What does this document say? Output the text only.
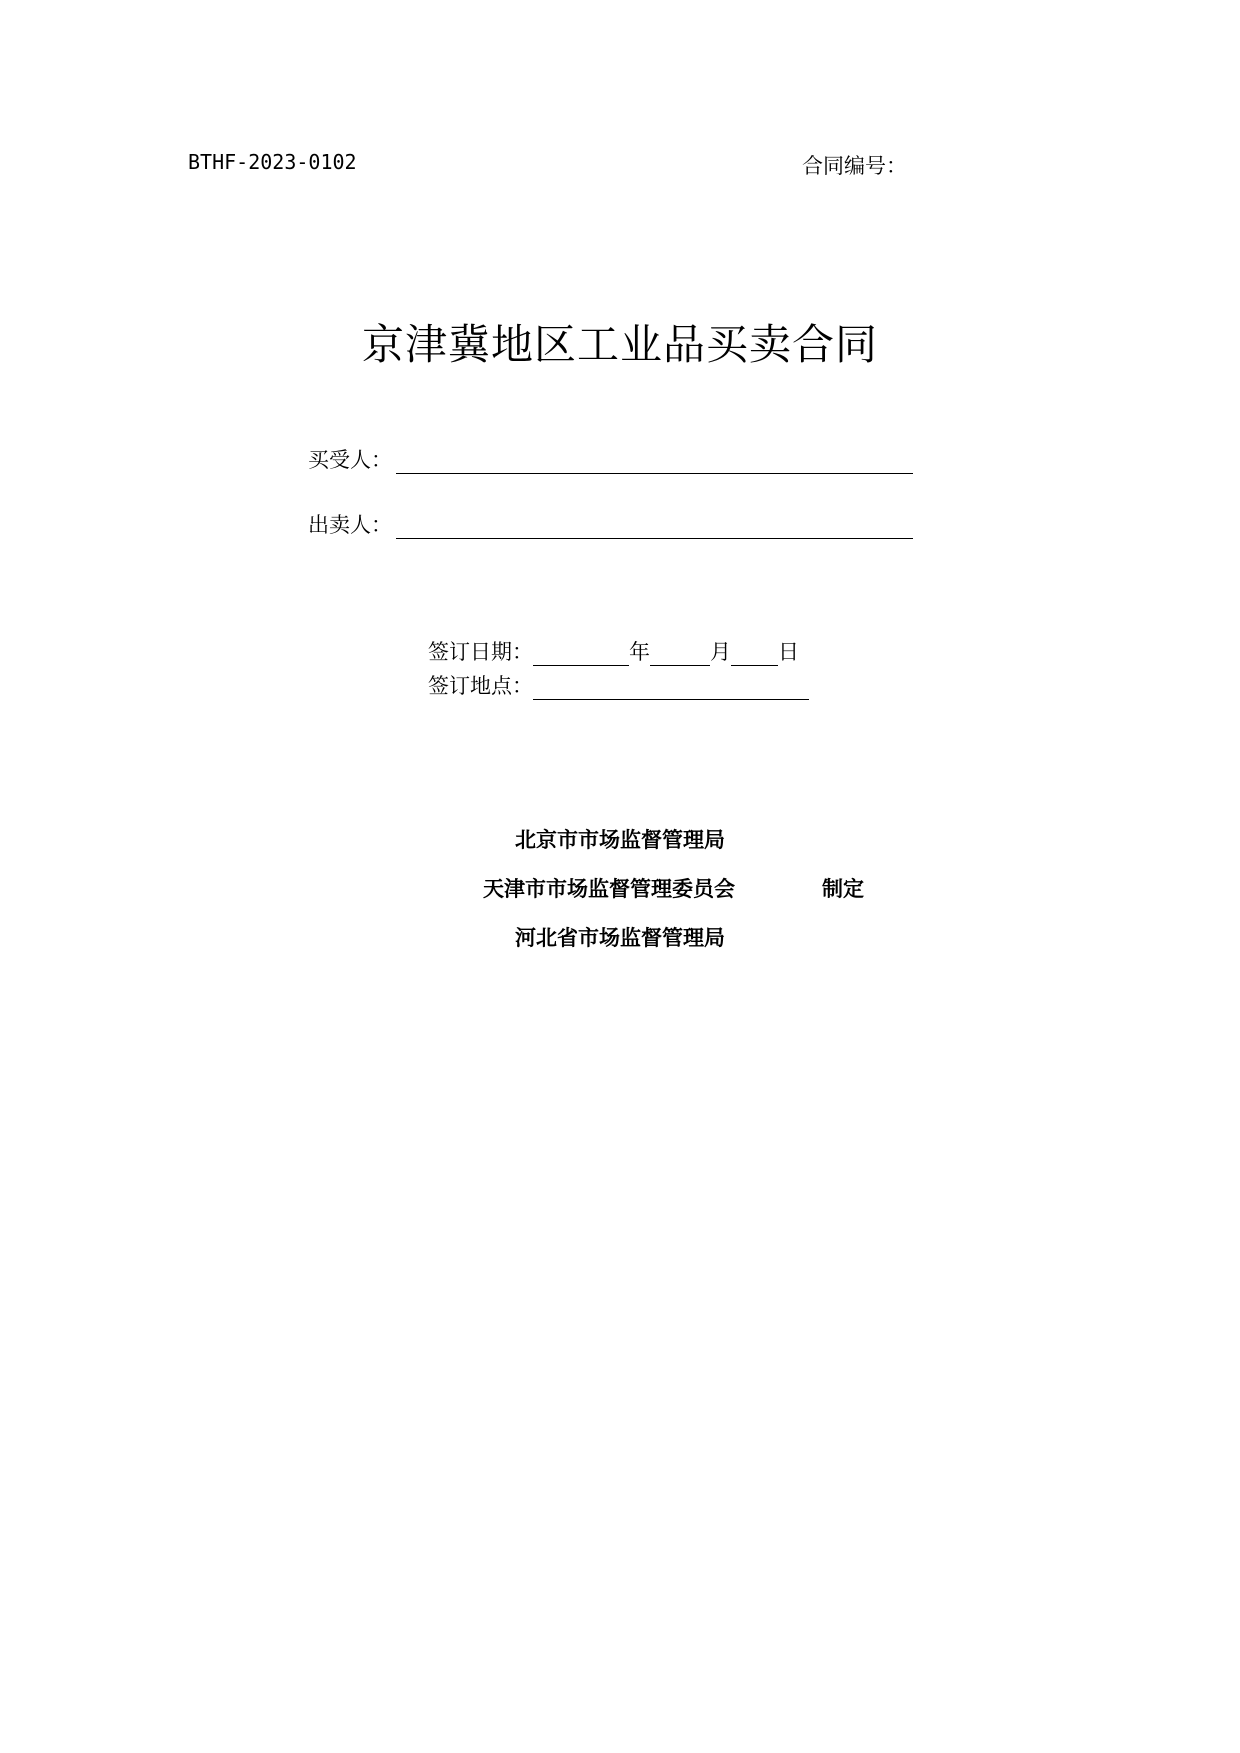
BTHF-2023-0102	合同编号：
京津冀地区工业品买卖合同
买受人：
出卖人：
签订日期：	年	月 日
签订地点：
北京市市场监督管理局
天津市市场监督管理委员会
河北省市场监督管理局
制定
